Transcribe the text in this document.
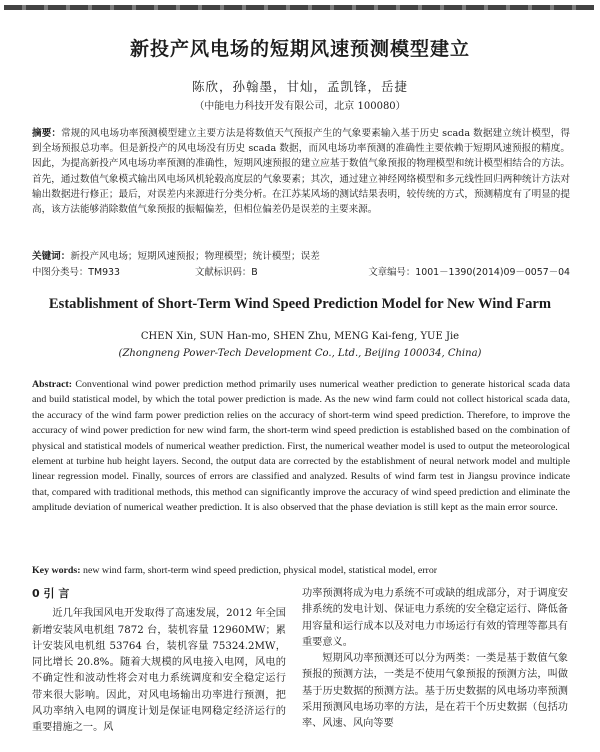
新投产风电场的短期风速预测模型建立
陈欣，孙翰墨，甘灿，孟凯锋，岳捷
（中能电力科技开发有限公司，北京 100080）
摘要：常规的风电场功率预测模型建立主要方法是将数值天气预报产生的气象要素输入基于历史 scada 数据建立统计模型，得到全场预报总功率。但是新投产的风电场没有历史 scada 数据，而风电场功率预测的准确性主要依赖于短期风速预报的精度。因此，为提高新投产风电场功率预测的准确性，短期风速预报的建立应基于数值气象预报的物理模型和统计模型相结合的方法。首先，通过数值气象模式输出风电场风机轮毂高度层的气象要素；其次，通过建立神经网络模型和多元线性回归两种统计方法对输出数据进行修正；最后，对误差内来源进行分类分析。在江苏某风场的测试结果表明，较传统的方式，预测精度有了明显的提高，该方法能够消除数值气象预报的振幅偏差，但相位偏差仍是误差的主要来源。
关键词：新投产风电场；短期风速预报；物理模型；统计模型；误差
中图分类号：TM933	文献标识码：B	文章编号：1001－1390(2014)09－0057－04
Establishment of Short-Term Wind Speed Prediction Model for New Wind Farm
CHEN Xin, SUN Han-mo, SHEN Zhu, MENG Kai-feng, YUE Jie
(Zhongneng Power-Tech Development Co., Ltd., Beijing 100034, China)
Abstract: Conventional wind power prediction method primarily uses numerical weather prediction to generate historical scada data and build statistical model, by which the total power prediction is made. As the new wind farm could not collect historical scada data, the accuracy of the wind farm power prediction relies on the accuracy of short-term wind speed prediction. Therefore, to improve the accuracy of wind power prediction for new wind farm, the short-term wind speed prediction is established based on the combination of physical and statistical models of numerical weather prediction. First, the numerical weather model is used to output the meteorological element at turbine hub height layers. Second, the output data are corrected by the establishment of neural network model and multiple linear regression model. Finally, sources of errors are classified and analyzed. Results of wind farm test in Jiangsu province indicate that, compared with traditional methods, this method can significantly improve the accuracy of wind speed prediction and eliminate the amplitude deviation of numerical weather prediction. It is also observed that the phase deviation is still kept as the main error source.
Key words: new wind farm, short-term wind speed prediction, physical model, statistical model, error
0 引 言

近几年我国风电开发取得了高速发展，2012 年全国新增安装风电机组 7872 台，装机容量 12960MW；累计安装风电机组 53764 台，装机容量 75324.2MW，同比增长 20.8%。随着大规模的风电接入电网，风电的不确定性和波动性将会对电力系统调度和安全稳定运行带来很大影响。因此，对风电场输出功率进行预测，把风功率纳入电网的调度计划是保证电网稳定经济运行的重要措施之一。风

功率预测将成为电力系统不可或缺的组成部分，对于调度安排系统的发电计划、保证电力系统的安全稳定运行、降低备用容量和运行成本以及对电力市场运行有效的管理等都具有重要意义。

短期风功率预测还可以分为两类：一类是基于数值气象预报的预测方法，一类是不使用气象预报的预测方法，叫做基于历史数据的预测方法。基于历史数据的风电场功率预测采用预测风电场功率的方法，是在若干个历史数据（包括功率、风速、风向等要
